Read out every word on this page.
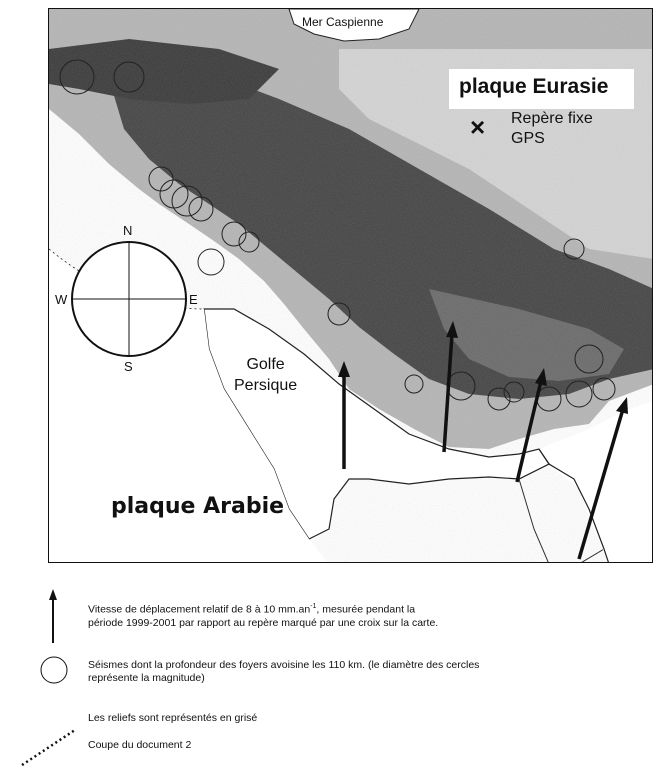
N
S
E
W
Mer Caspienne
plaque Eurasie
× Repère fixe
GPS
Golfe
Persique
plaque Arabie
Vitesse de déplacement relatif de 8 à 10 $mm.an^{-1}$, mesurée pendant la
période 1999-2001 par rapport au repère marqué par une croix sur la carte.
Séismes dont la profondeur des foyers avoisine les 110 km. (le diamètre des cercles
représente la magnitude)
Les reliefs sont représentés en grisé
Coupe du document 2
